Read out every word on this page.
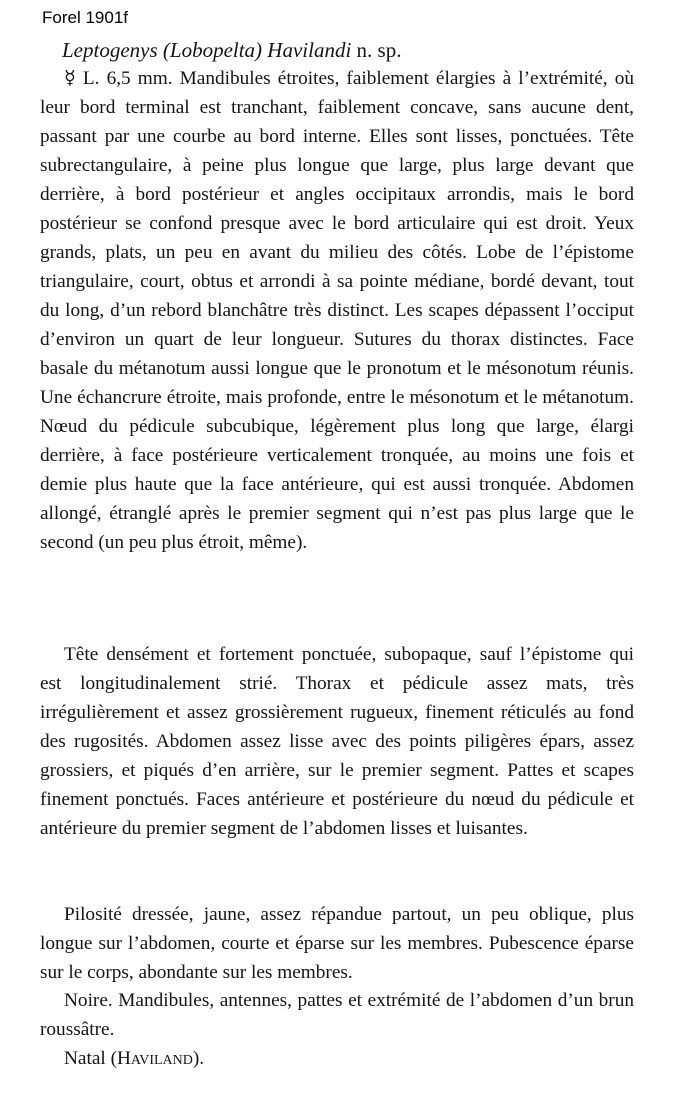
Forel 1901f
Leptogenys (Lobopelta) Havilandi n. sp.

☿ L. 6,5 mm. Mandibules étroites, faiblement élargies à l’extrémité, où leur bord terminal est tranchant, faiblement concave, sans aucune dent, passant par une courbe au bord interne. Elles sont lisses, ponctuées. Tête subrectangulaire, à peine plus longue que large, plus large devant que derrière, à bord postérieur et angles occipitaux arrondis, mais le bord postérieur se confond presque avec le bord articulaire qui est droit. Yeux grands, plats, un peu en avant du milieu des côtés. Lobe de l’épistome triangulaire, court, obtus et arrondi à sa pointe médiane, bordé devant, tout du long, d’un rebord blanchâtre très distinct. Les scapes dépassent l’occiput d’environ un quart de leur longueur. Sutures du thorax distinctes. Face basale du métanotum aussi longue que le pronotum et le mésonotum réunis. Une échancrure étroite, mais profonde, entre le mésonotum et le métanotum. Nœud du pédicule subcubique, légèrement plus long que large, élargi derrière, à face postérieure verticalement tronquée, au moins une fois et demie plus haute que la face antérieure, qui est aussi tronquée. Abdomen allongé, étranglé après le premier segment qui n’est pas plus large que le second (un peu plus étroit, même).

Tête densément et fortement ponctuée, subopaque, sauf l’épistome qui est longitudinalement strié. Thorax et pédicule assez mats, très irrégulièrement et assez grossièrement rugueux, finement réticulés au fond des rugosités. Abdomen assez lisse avec des points piligères épars, assez grossiers, et piqués d’en arrière, sur le premier segment. Pattes et scapes finement ponctués. Faces antérieure et postérieure du nœud du pédicule et antérieure du premier segment de l’abdomen lisses et luisantes.

Pilosité dressée, jaune, assez répandue partout, un peu oblique, plus longue sur l’abdomen, courte et éparse sur les membres. Pubescence éparse sur le corps, abondante sur les membres.

Noire. Mandibules, antennes, pattes et extrémité de l’abdomen d’un brun roussâtre.

Natal (Haviland).
